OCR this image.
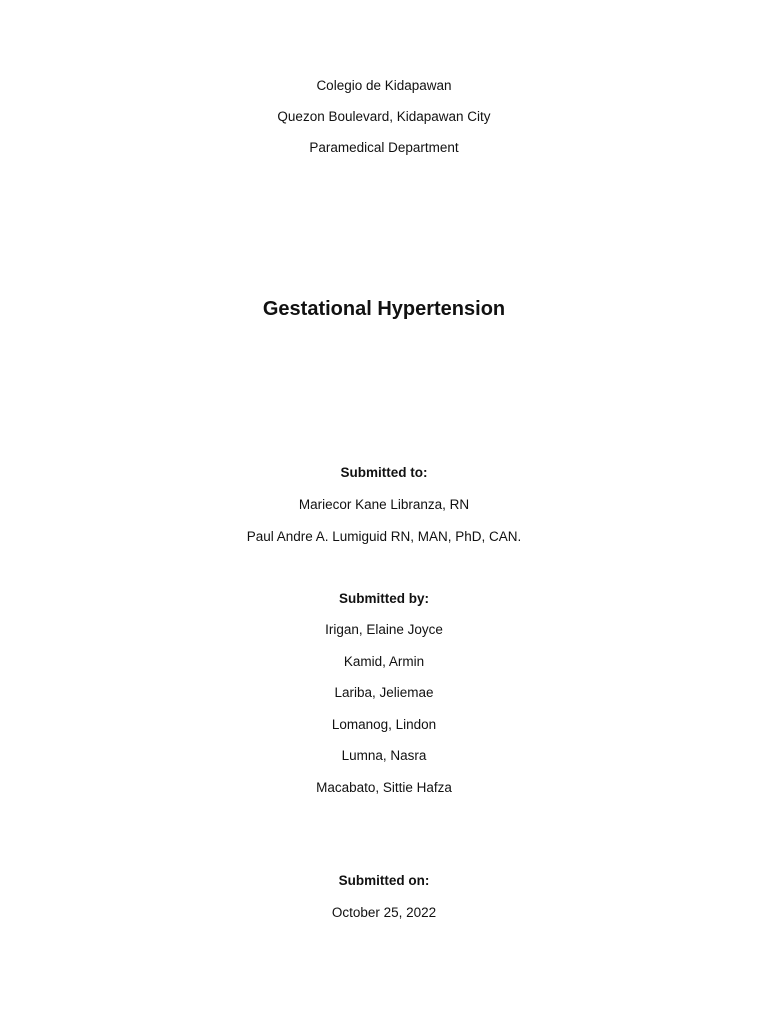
Colegio de Kidapawan
Quezon Boulevard, Kidapawan City
Paramedical Department
Gestational Hypertension
Submitted to:
Mariecor Kane Libranza, RN
Paul Andre A. Lumiguid RN, MAN, PhD, CAN.
Submitted by:
Irigan, Elaine Joyce
Kamid, Armin
Lariba, Jeliemae
Lomanog, Lindon
Lumna, Nasra
Macabato, Sittie Hafza
Submitted on:
October 25, 2022
